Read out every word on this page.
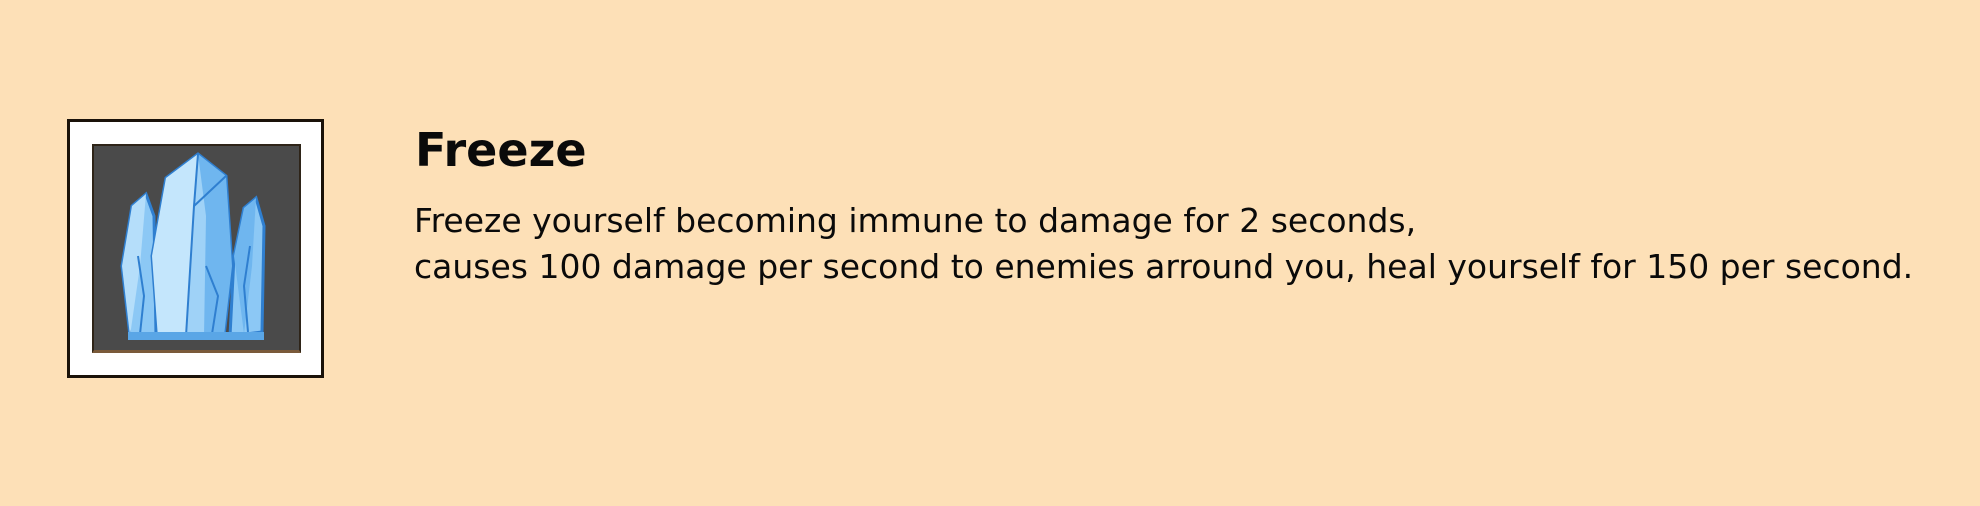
Freeze
Freeze yourself becoming immune to damage for 2 seconds,
causes 100 damage per second to enemies arround you, heal yourself for 150 per second.
